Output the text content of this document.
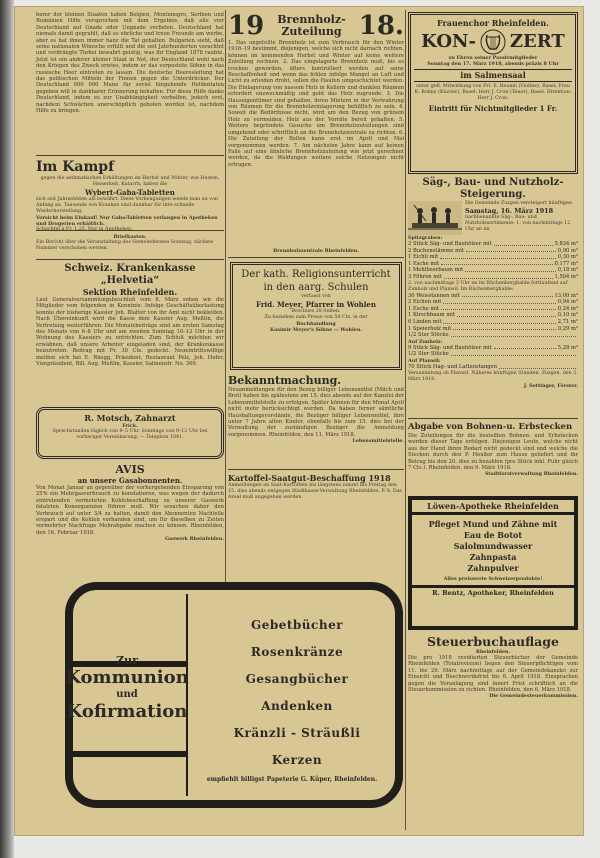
berer der kleinen Staaten haben Belgien, Montenegro, Serbien und Rumänien Hilfe versprochen mit dem Ergebnis, daß alle vier Deutschland auf Gnade oder Ungnade verfielen. Deutschland hat niemals damit gegrahlt, daß es ehrliche und treue Freunde am werbe, aber es hat ihnen immer hanz die Tat gehalten. Bulgarien sieht, daß seine nationalen Wünsche erfüllt und die seit Jahrhunderten verachtet und verdrängte Türkei bewahrt geistig, was ihr England 1878 raubte. Jetzt ist ein anderer kleiner Staat in Not, der Deutschland wohl nach den Kriegen des Zweck erwies, indem er das verpestete Söhne in das russische Heer eintreten zu lassen. Die deutsche Heeresleitung hat das politischen Mitteln der Finnen gegen die Unterdrücker. Der Deutschland 900 000 Mann für soviel hingebende Heldentaten gegeben will in dankbarer Erinnerung behalten. Für diese Hilfe danke Deutschland, indem es zur Unabhängigkeit verhelfen, jedoch erst, nachdem Schwächen unerschöpflich geboten worden ist, nachdem Hilfe zu bringen.
Im Kampf
gegen die asthmatischen Erkältungen im Herbst und Winter, wie Husten, Heiserkeit, Katarrh, haben die
Wybert-Gaba-Tabletten
sich seit Jahrzehnten als bewährt. Diese Vorbeugungen wende man an von Anfang an. Tausende von Kranken sind dankbar für ihre schnelle Wiederherstellung.
Vorsicht beim Einkauf! Nur Gaba-Tabletten verlangen in Apotheken und Drogerien erhältlich.
Schachtel à Fr. 1.25. Nur in Apotheken.
Briefkasten.
Ein Bericht über die Veranstaltung des Gemeinderates Sonntag, nächste Nummer verschoben werden.
Schweiz. Krankenkasse „Helvetia“
Sektion Rheinfelden.
Laut Generalversammlungsbeschluß vom 8. März sehen wir die Mitglieder vom folgenden in Kenntnis: Infolge Geschäftsüberlastung konnte der bisherige Kassier Joh. Blatter von ihr Amt nicht bekleiden. Nach Übereinkunft wird die Kasse dem Kassier Aug. Meßlin, die Vertretung weiterführen. Die Monatsbeiträge sind am ersten Samstag des Monats von 6–8 Uhr und am zweiten Sonntag 10–12 Uhr in der Wohnung des Kassiers zu entrichten. Zum Schluß möchten wir erwähnen, daß unsere Arbeiter eingeladen sind, der Krankenkasse beizutreten. Beitrag mit Fr. 30 Cts. gedeckt. Neueintrittswillige melden sich bei E. Rüegg, Präsident, Restaurant Pelz, Joh. Hofer, Vizepräsident, Bill, Aug. Meßlin, Kassier, Salinenstr. No. 360.
R. Motsch, Zahnarzt
Frick.
Sprechstunden täglich von 9–5 Uhr. Sonntags von 9–12 Uhr bei vorheriger Vereinbarung. — Telephon 1041.
AVIS
an unsere Gasabonnenten.
Von Monat Januar an gegenüber der vorhergehenden Einsparung von 25% ein Mehrgasverbrauch zu konstatieren, was wegen der dadurch eintretenden vermehrten Kohlebeschaffung zu unserer Gaswerk fatalsten Konsequenzen führen muß. Wir ersuchen daher den Verbrauch auf unter 3/4 zu halten, damit den Abonnenten Nachteile erspart und die Kohlen vorhanden sind, um für dieselben zu Zeiten vermehrter Nachfrage Mehrabgabe machen zu können. Rheinfelden, den 16. Februar 1918.
Gaswerk Rheinfelden.
19	Brennholz-Zuteilung 18.
1. Das ungeteilte Brennholz ist zum Verbrauch für den Winter 1918–19 bestimmt, diejenigen, welche sich nicht darnach richten, können im kommenden Herbst und Winter auf keine weitere Zuteilung rechnen. 2. Das eingelagerte Brennholz muß, bis es trocken geworden, öfters kontrolliert werden auf seine Beschaffenheit und wenn das fehlen infolge Mangel an Luft und Licht zu erleiden droht, sollen die Haufen umgeschichtet werden. Die Einlagerung von nassem Holz in Kellern und dunklen Räumen erfordert unzweckmäßig und geht das Holz zugrunde. 3. Die Hauseigentümer sind gehalten, ihren Mietern in der Verwahrung von Räumen für die Brennholzeinlagerung behilflich zu sein. 4. Soweit die Bedürfnisse nicht, wird um den Bezug von grünem Holz zu vermeiden, Holz aus der Vorräte bereit gehalten. 5. Weitere begründete Gesuche um Brennholzzuteilungen sind umgehend oder schriftlich an die Brennholzzentrale zu richten. 6. Die Zuteilung der Bellen kann erst im April und Mai vorgenommen werden. 7. Am nächsten Jahre kann auf keinen Falle auf eine ähnliche Brennholzzuteilung wie jetzt gerechnet werden, da die Waldungen weitere solche Nutzungen nicht ertragen.
Brennholzzentrale Rheinfelden.
Der kath. Religionsunterricht in den aarg. Schulen
verfasst von
Frid. Meyer, Pfarrer in Wohlen
Brochüre 28 Seiten.
Zu beziehen zum Preise von 50 Cts. in der
Buchhandlung
Kasimir Meyer's Söhne — Wohlen.
Bekanntmachung.
Neuanmeldungen für den Bezug billiger Lebensmittel (Milch und Brot) haben bis spätestens am 15. dies abends auf der Kanzlei der Lebensmittelstelle zu erfolgen. Später können für den Monat April nicht mehr berücksichtigt werden. Da haben ferner sämtliche Haushaltungsvorstände, die Bezüger billiger Lebensmittel, ihre unter 7 Jahre alten Kinder, ebenfalls bis zum 15. dies bei der Verwaltung der zuständigen Bezüger die Anmeldung vorgenommen. Rheinfelden, den 11. März 1918.
Lebensmittelstelle.
Kartoffel-Saatgut-Beschaffung 1918
Anmeldungen an Saat-Kartoffeln bis längstens nimmt bis Freitag den 15. dies abends entgegen Stadtkasse-Verwaltung Rheinfelden. P. S. Das Areal muß angegeben werden.
Frauenchor Rheinfelden.
KON- ZERT
zu Ehren seiner Passivmitglieder
Sonntag den 17. März 1918, abends präzis 8 Uhr
im Salmensaal
unter gefl. Mitwirkung von Frl. E. Baumli (Violine), Basel; Frau K. Bohny (Klavier), Basel; Herr J. Cron (Tenor), Basel. Direktion: Herr J. Cron.
Eintritt für Nichtmitglieder 1 Fr.
Säg-, Bau- und Nutzholz-Steigerung.
Die Gemeinde Zuzgen versteigert künftigen
Samstag, 16. März 1918
nachbenannte Säg-, Bau- und Nutzholzsortimente: 1. von nachmittags 12 Uhr an im
Spitzgraben:
2 Stück Säg- und Bauhölzer mit	5,834 m³
2 Buchenstämme mit	0,90 m³
1 Eichli mit	0,30 m³
1 Esche mit	0,177 m³
1 Mehlbeerbaum mit	0,18 m³
3 Föhren mit	1,504 m³
2. von nachmittags 2 Uhr an im Rüchenberghalde fortlaufend auf Zunholz und Planwil. Im Rüchenberghalde:
30 Weisstannen mit	13,00 m³
2 Eichen mit	0,94 m³
1 Esche mit	0,24 m³
1 Kirschbaum mit	0,10 m³
6 Linden mit	2,71 m³
1 Speierholz mit	0,29 m³
1/2 Ster Stöcke
Auf Zunholz:
9 Stück Säg- und Bauhölzer mit	5,28 m³
1/2 Ster Stöcke
Auf Planwil:
70 Stück Hag- und Lattenstangen
Versammlung ob Planwil. Näheres künftigen Stunden. Zuzgen, den 2. März 1918.
J. Sottinger, Förster.
Abgabe von Bohnen-u. Erbstecken
Die Zuteilungen für die bestellten Bohnen- und Erbstecken werden dieser Tage erfolgen. Diejenigen Leute, welche nicht aus der Hand ihren Bedarf nicht gedeckt sind und welche die Stecken durch den P. Heußer zum Hause geliefert und ihr Betrag bis den 20. dies zu bezahlen (pro Stück inkl. Fuhr gleich 7 Cts.). Rheinfelden, den 9. März 1918.
Stadtforstverwaltung Rheinfelden.
Löwen-Apotheke Rheinfelden
Pfleget Mund und Zähne mit
Eau de Botot
Salolmundwasser
Zahnpasta
Zahnpulver
Alles preiswerte Schweizerprodukte!
R. Bentz, Apotheker, Rheinfelden
Steuerbuchauflage
Rheinfelden.
Die pro 1918 revidierten Steuerbücher der Gemeinde Rheinfelden (Totalrevision) liegen den Steuerpflichtigen vom 11. bis 26. März nachmittags auf der Gemeindekanzlei zur Einsicht und Beschwerdefrist bis 6. April 1918. Einsprachen gegen die Veranlagung sind innert Frist schriftlich an die Steuerkommission zu richten. Rheinfelden, den 6. März 1918.
Die Gemeindesteuerkommission.
Zur
Kommunion
und
Kofirmation
Gebetbücher
Rosenkränze
Gesangbücher
Andenken
Kränzli - Sträußli
Kerzen
empfiehlt billigst Papeterie G. Küper, Rheinfelden.
